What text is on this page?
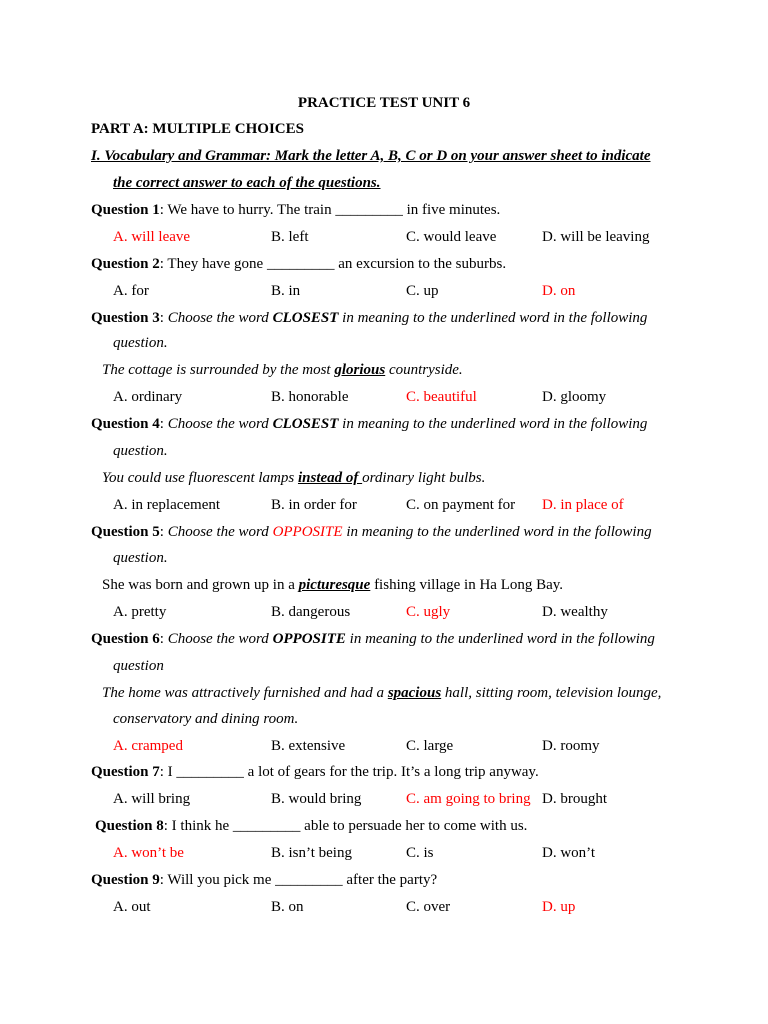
PRACTICE TEST UNIT 6
PART A: MULTIPLE CHOICES
I. Vocabulary and Grammar: Mark the letter A, B, C or D on your answer sheet to indicate
the correct answer to each of the questions.
Question 1: We have to hurry. The train _________ in five minutes.
A. will leave	B. left	C. would leave	D. will be leaving
Question 2: They have gone _________ an excursion to the suburbs.
A. for	B. in	C. up	D. on
Question 3: Choose the word CLOSEST in meaning to the underlined word in the following
question.
The cottage is surrounded by the most glorious countryside.
A. ordinary	B. honorable	C. beautiful	D. gloomy
Question 4: Choose the word CLOSEST in meaning to the underlined word in the following
question.
You could use fluorescent lamps instead of ordinary light bulbs.
A. in replacement	B. in order for	C. on payment for D. in place of
Question 5: Choose the word OPPOSITE in meaning to the underlined word in the following
question.
She was born and grown up in a picturesque fishing village in Ha Long Bay.
A. pretty	B. dangerous	C. ugly	D. wealthy
Question 6: Choose the word OPPOSITE in meaning to the underlined word in the following
question
The home was attractively furnished and had a spacious hall, sitting room, television lounge,
conservatory and dining room.
A. cramped	B. extensive	C. large	D. roomy
Question 7: I _________ a lot of gears for the trip. It’s a long trip anyway.
A. will bring	B. would bring	C. am going to bring D. brought
Question 8: I think he _________ able to persuade her to come with us.
A. won’t be	B. isn’t being	C. is	D. won’t
Question 9: Will you pick me _________ after the party?
A. out	B. on	C. over	D. up
